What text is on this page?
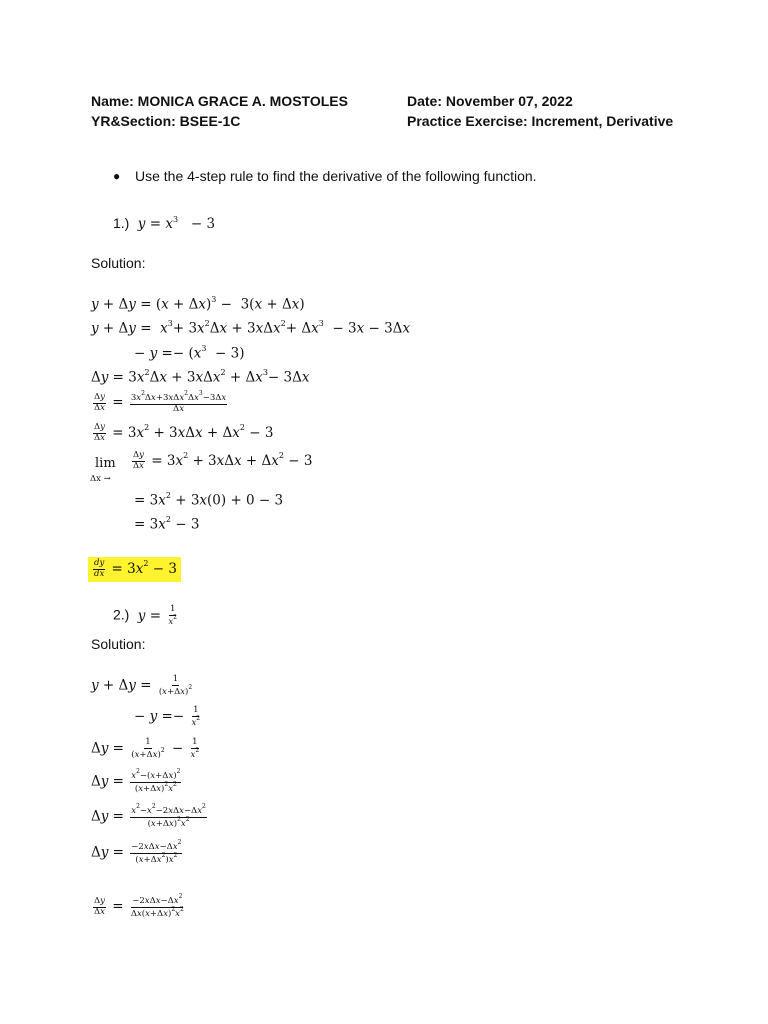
Name: MONICA GRACE A. MOSTOLES	Date: November 07, 2022
YR&Section: BSEE-1C	Practice Exercise: Increment, Derivative
● Use the 4-step rule to find the derivative of the following function.
1.) $y = x^3 - 3$
Solution:
$y + \Delta y = (x + \Delta x)^3 - 3(x + \Delta x)$
$y + \Delta y = x^3+ 3x^2\Delta x + 3x\Delta x^2+ \Delta x^3 - 3x - 3\Delta x$
− $y =- (x^3 - 3)$
$\Delta y = 3x^2\Delta x + 3x\Delta x^2 + \Delta x^3- 3\Delta x$
$\frac{\Delta y}{\Delta x} = \frac{3x^2\Delta x+3x\Delta x^2\Delta x^3-3\Delta x}{\Delta x}$
$\frac{\Delta y}{\Delta x} = 3x^2 + 3x\Delta x + \Delta x^2 - 3$
lim
Δx →
$\frac{\Delta y}{\Delta x} = 3x^2 + 3x\Delta x + \Delta x^2 - 3$
= $3x^2 + 3x(0) + 0 - 3$
= $3x^2 - 3$
$\frac{dy}{dx} = 3x^2 - 3$
2.) $y = \frac{1}{x^2}$
Solution:
$y + \Delta y = \frac{1}{(x+\Delta x)^2}$
− $y =- \frac{1}{x^2}$
$\Delta y = \frac{1}{(x+\Delta x)^2} - \frac{1}{x^2}$
$\Delta y = \frac{x^2-(x+\Delta x)^2}{(x+\Delta x)^2x^2}$
$\Delta y = \frac{x^2-x^2-2x\Delta x-\Delta x^2}{(x+\Delta x)^2x^2}$
$\Delta y = \frac{-2x\Delta x-\Delta x^2}{(x+\Delta x^2)x^2}$
$\frac{\Delta y}{\Delta x} = \frac{-2x\Delta x-\Delta x^2}{\Delta x(x+\Delta x)^2x^2}$
